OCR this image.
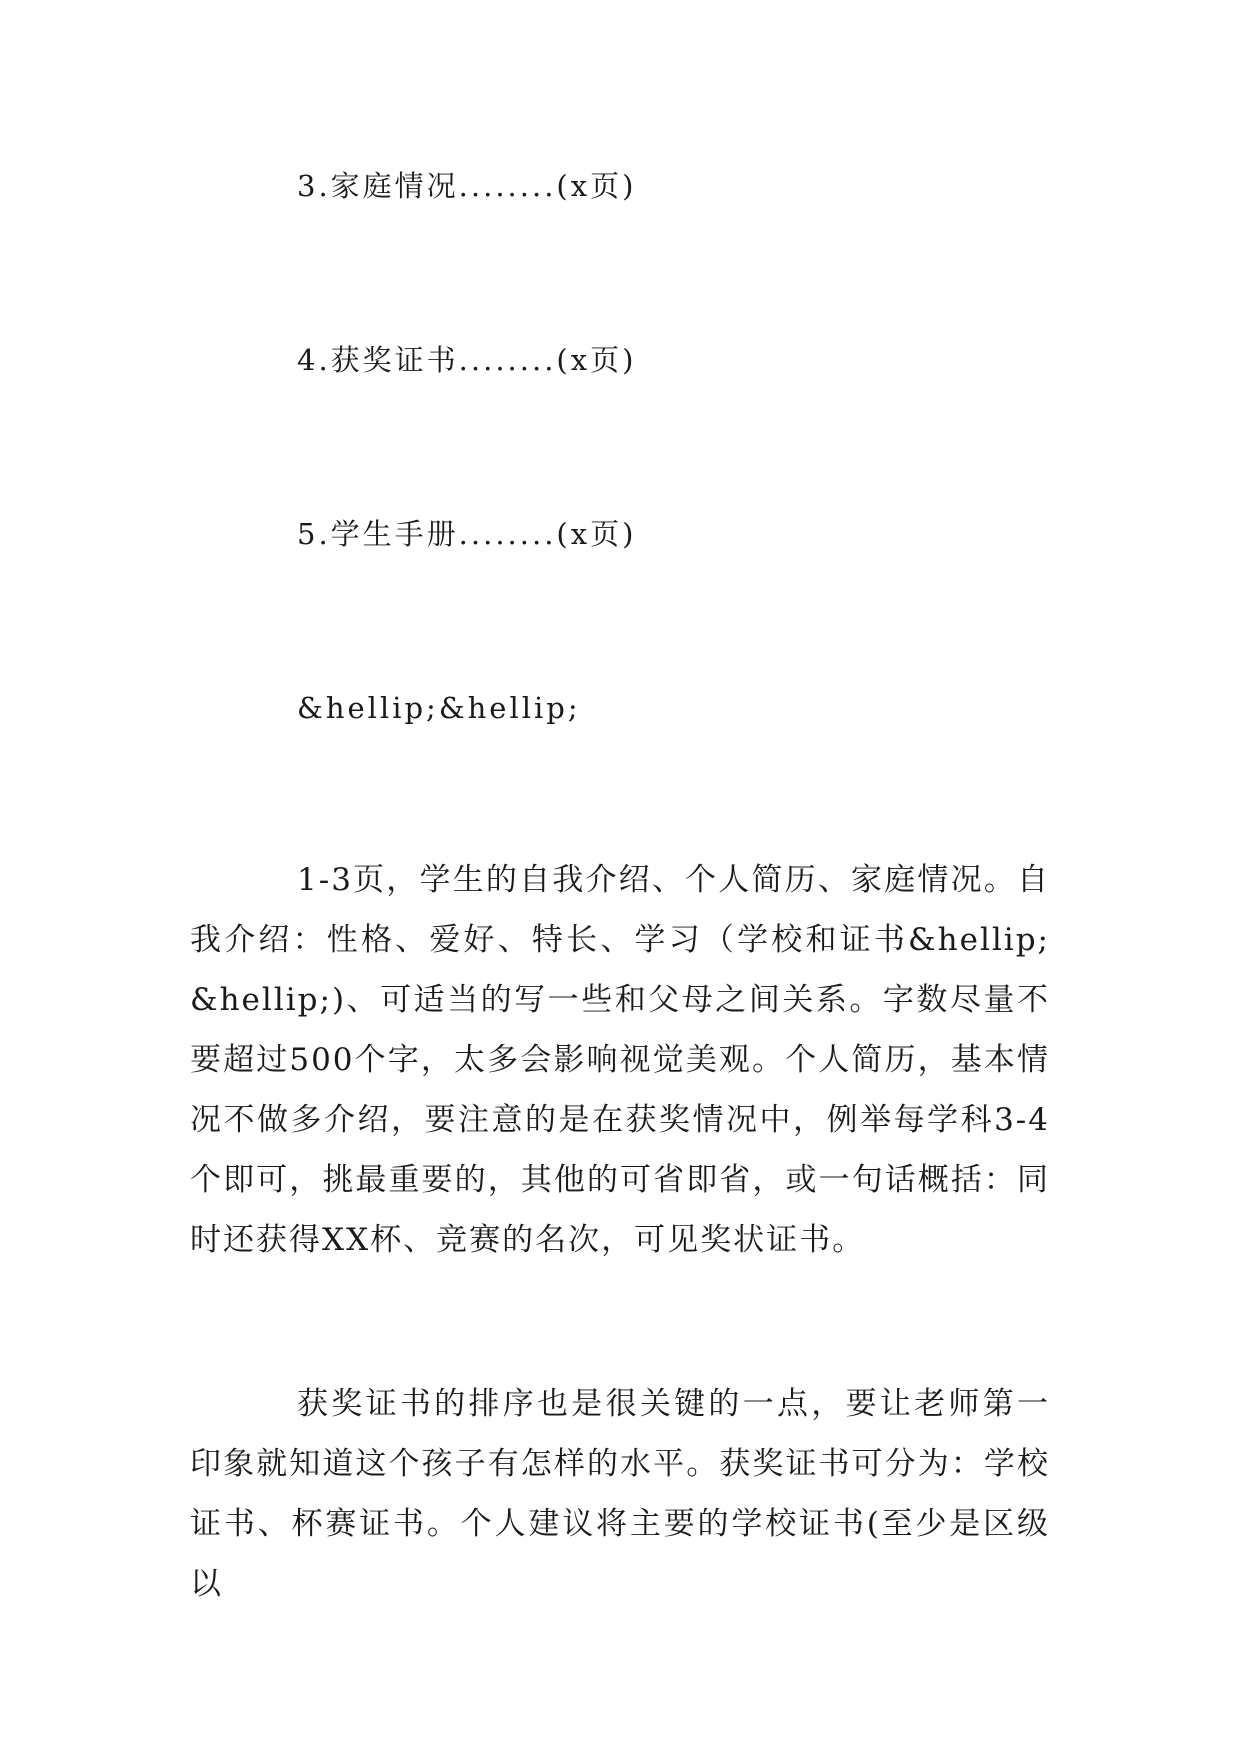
3.家庭情况........(x页)
4.获奖证书........(x页)
5.学生手册........(x页)
&hellip;&hellip;
1-3页，学生的自我介绍、个人简历、家庭情况。自我介绍：性格、爱好、特长、学习（学校和证书&hellip;&hellip;)、可适当的写一些和父母之间关系。字数尽量不要超过500个字，太多会影响视觉美观。个人简历，基本情况不做多介绍，要注意的是在获奖情况中，例举每学科3-4个即可，挑最重要的，其他的可省即省，或一句话概括：同时还获得XX杯、竞赛的名次，可见奖状证书。
获奖证书的排序也是很关键的一点，要让老师第一印象就知道这个孩子有怎样的水平。获奖证书可分为：学校证书、杯赛证书。个人建议将主要的学校证书(至少是区级以
